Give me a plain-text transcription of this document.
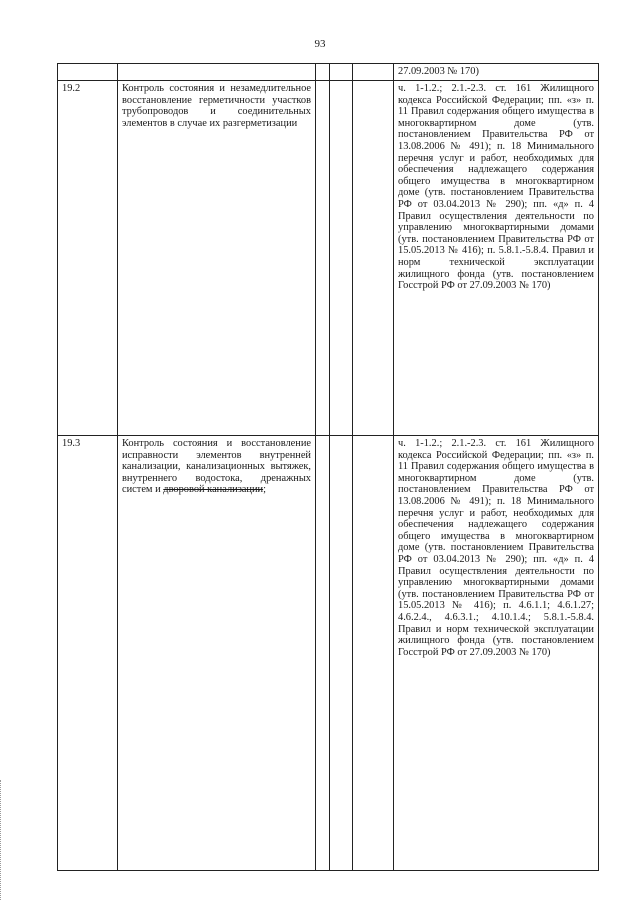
93
					27.09.2003 № 170)
19.2	Контроль состояния и незамедлительное восстановление герметичности участков трубопроводов и соединительных элементов в случае их разгерметизации				ч. 1-1.2.; 2.1.-2.3. ст. 161 Жилищного кодекса Российской Федерации; пп. «з» п. 11 Правил содержания общего имущества в многоквартирном доме (утв. постановлением Правительства РФ от 13.08.2006 № 491); п. 18 Минимального перечня услуг и работ, необходимых для обеспечения надлежащего содержания общего имущества в многоквартирном доме (утв. постановлением Правительства РФ от 03.04.2013 № 290); пп. «д» п. 4 Правил осуществления деятельности по управлению многоквартирными домами (утв. постановлением Правительства РФ от 15.05.2013 № 416); п. 5.8.1.-5.8.4. Правил и норм технической эксплуатации жилищного фонда (утв. постановлением Госстрой РФ от 27.09.2003 № 170)
19.3	Контроль состояния и восстановление исправности элементов внутренней канализации, канализационных вытяжек, внутреннего водостока, дренажных систем и дворовой канализации;				ч. 1-1.2.; 2.1.-2.3. ст. 161 Жилищного кодекса Российской Федерации; пп. «з» п. 11 Правил содержания общего имущества в многоквартирном доме (утв. постановлением Правительства РФ от 13.08.2006 № 491); п. 18 Минимального перечня услуг и работ, необходимых для обеспечения надлежащего содержания общего имущества в многоквартирном доме (утв. постановлением Правительства РФ от 03.04.2013 № 290); пп. «д» п. 4 Правил осуществления деятельности по управлению многоквартирными домами (утв. постановлением Правительства РФ от 15.05.2013 № 416); п. 4.6.1.1; 4.6.1.27; 4.6.2.4., 4.6.3.1.; 4.10.1.4.; 5.8.1.-5.8.4. Правил и норм технической эксплуатации жилищного фонда (утв. постановлением Госстрой РФ от 27.09.2003 № 170)
